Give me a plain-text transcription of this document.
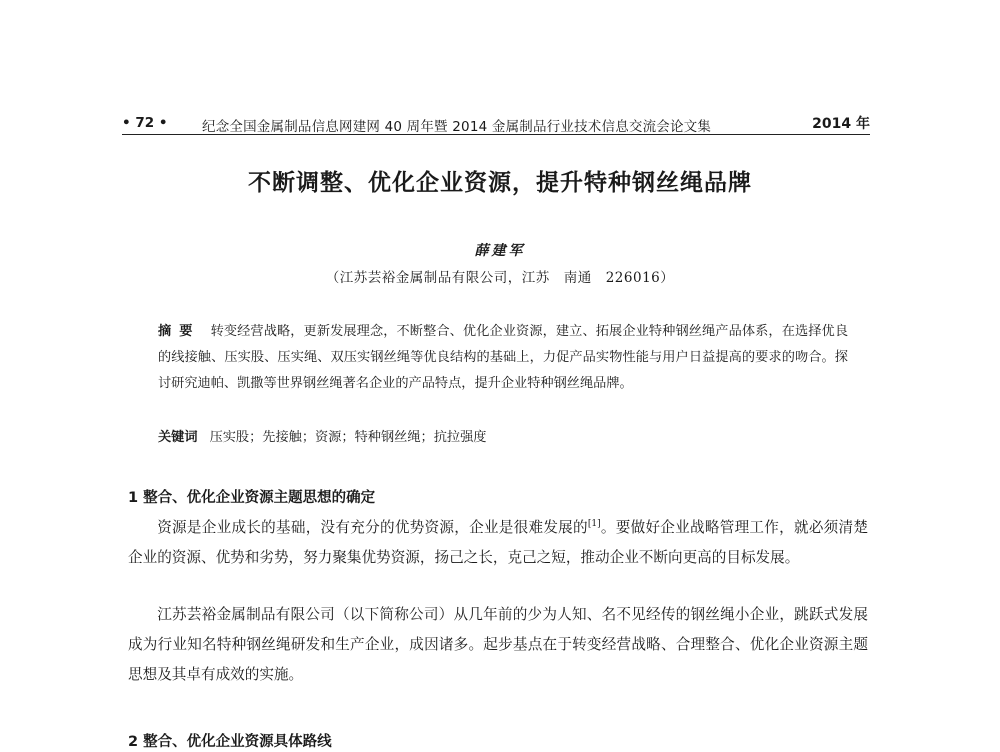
• 72 •	纪念全国金属制品信息网建网 40 周年暨 2014 金属制品行业技术信息交流会论文集	2014 年
不断调整、优化企业资源，提升特种钢丝绳品牌
薛建军
（江苏芸裕金属制品有限公司，江苏　南通　226016）
摘要 转变经营战略，更新发展理念，不断整合、优化企业资源，建立、拓展企业特种钢丝绳产品体系，在选择优良的线接触、压实股、压实绳、双压实钢丝绳等优良结构的基础上，力促产品实物性能与用户日益提高的要求的吻合。探讨研究迪帕、凯撒等世界钢丝绳著名企业的产品特点，提升企业特种钢丝绳品牌。
关键词 压实股；先接触；资源；特种钢丝绳；抗拉强度
1 整合、优化企业资源主题思想的确定
资源是企业成长的基础，没有充分的优势资源，企业是很难发展的[1]。要做好企业战略管理工作，就必须清楚企业的资源、优势和劣势，努力聚集优势资源，扬己之长，克己之短，推动企业不断向更高的目标发展。
江苏芸裕金属制品有限公司（以下简称公司）从几年前的少为人知、名不见经传的钢丝绳小企业，跳跃式发展成为行业知名特种钢丝绳研发和生产企业，成因诸多。起步基点在于转变经营战略、合理整合、优化企业资源主题思想及其卓有成效的实施。
2 整合、优化企业资源具体路线
